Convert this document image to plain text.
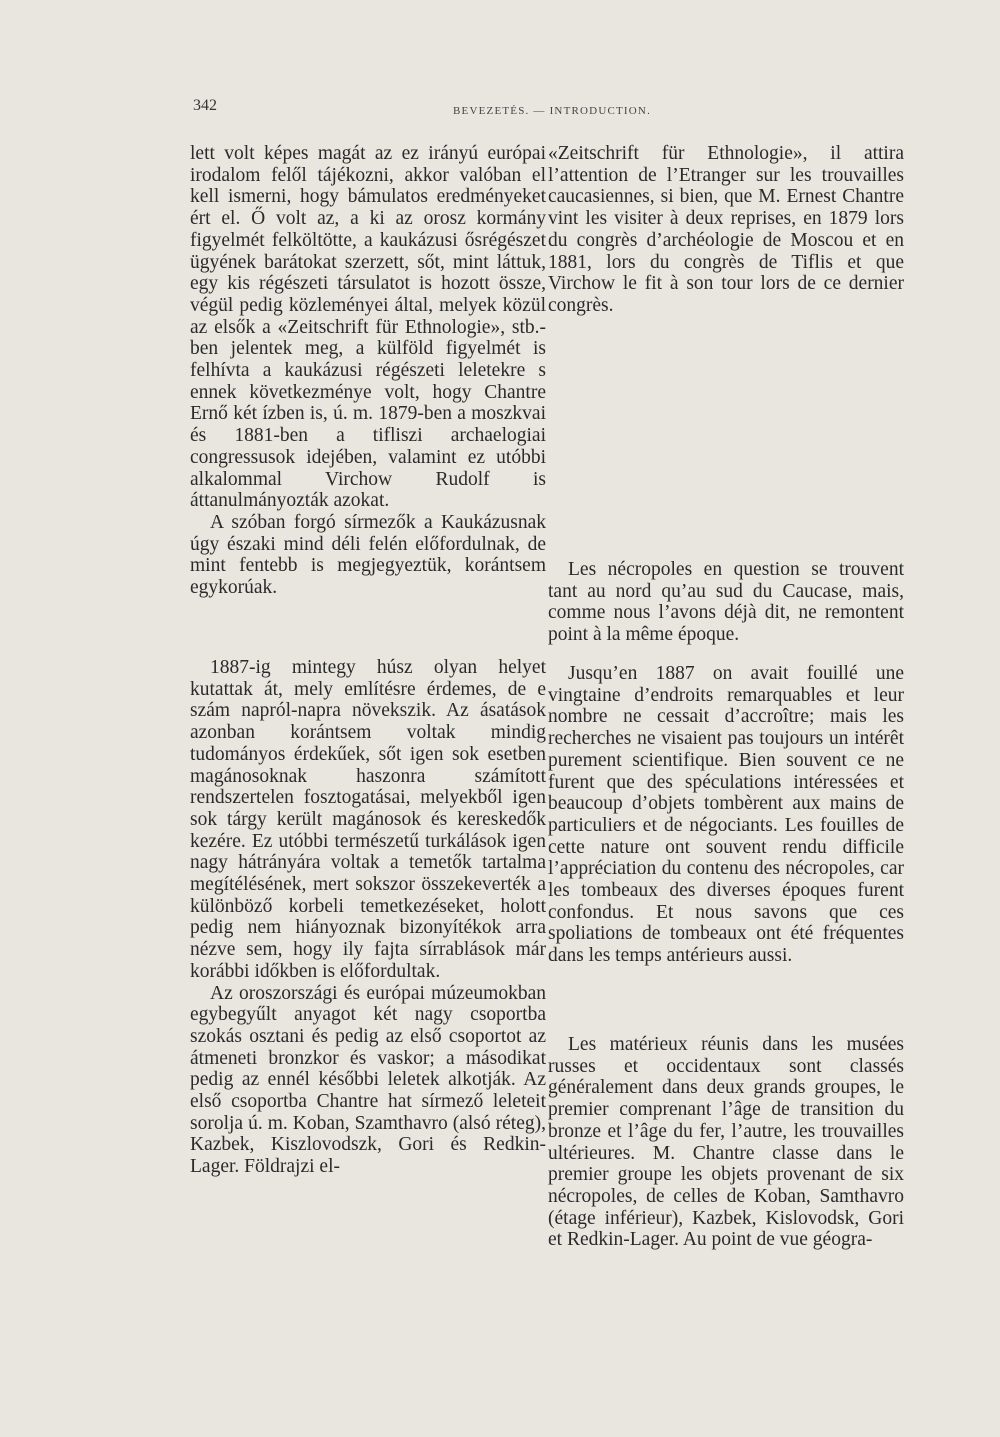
342	BEVEZETÉS. — INTRODUCTION.

lett volt képes magát az ez irányú európai irodalom felől tájékozni, akkor valóban el kell ismerni, hogy bámulatos eredményeket ért el. Ő volt az, a ki az orosz kormány figyelmét felköltötte, a kaukázusi ősrégészet ügyének barátokat szerzett, sőt, mint láttuk, egy kis régészeti társulatot is hozott össze, végül pedig közleményei által, melyek közül az elsők a «Zeitschrift für Ethnologie», stb.-ben jelentek meg, a külföld figyelmét is felhívta a kaukázusi régészeti leletekre s ennek következménye volt, hogy Chantre Ernő két ízben is, ú. m. 1879-ben a moszkvai és 1881-ben a tifliszi archaelogiai congressusok idejében, valamint ez utóbbi alkalommal Virchow Rudolf is áttanulmányozták azokat.

A szóban forgó sírmezők a Kaukázusnak úgy északi mind déli felén előfordulnak, de mint fentebb is megjegyeztük, korántsem egykorúak.

1887-ig mintegy húsz olyan helyet kutattak át, mely említésre érdemes, de e szám napról-napra növekszik. Az ásatások azonban korántsem voltak mindig tudományos érdekűek, sőt igen sok esetben magánosoknak haszonra számított rendszertelen fosztogatásai, melyekből igen sok tárgy került magánosok és kereskedők kezére. Ez utóbbi természetű turkálások igen nagy hátrányára voltak a temetők tartalma megítélésének, mert sokszor összekeverték a különböző korbeli temetkezéseket, holott pedig nem hiányoznak bizonyítékok arra nézve sem, hogy ily fajta sírrablások már korábbi időkben is előfordultak.

Az oroszországi és európai múzeumokban egybegyűlt anyagot két nagy csoportba szokás osztani és pedig az első csoportot az átmeneti bronzkor és vaskor; a másodikat pedig az ennél későbbi leletek alkotják. Az első csoportba Chantre hat sírmező leleteit sorolja ú. m. Koban, Szamthavro (alsó réteg), Kazbek, Kiszlovodszk, Gori és Redkin-Lager. Földrajzi el-

«Zeitschrift für Ethnologie», il attira l’attention de l’Etranger sur les trouvailles caucasiennes, si bien, que M. Ernest Chantre vint les visiter à deux reprises, en 1879 lors du congrès d’archéologie de Moscou et en 1881, lors du congrès de Tiflis et que Virchow le fit à son tour lors de ce dernier congrès.

Les nécropoles en question se trouvent tant au nord qu’au sud du Caucase, mais, comme nous l’avons déjà dit, ne remontent point à la même époque.

Jusqu’en 1887 on avait fouillé une vingtaine d’endroits remarquables et leur nombre ne cessait d’accroître; mais les recherches ne visaient pas toujours un intérêt purement scientifique. Bien souvent ce ne furent que des spéculations intéressées et beaucoup d’objets tombèrent aux mains de particuliers et de négociants. Les fouilles de cette nature ont souvent rendu difficile l’appréciation du contenu des nécropoles, car les tombeaux des diverses époques furent confondus. Et nous savons que ces spoliations de tombeaux ont été fréquentes dans les temps antérieurs aussi.

Les matérieux réunis dans les musées russes et occidentaux sont classés généralement dans deux grands groupes, le premier comprenant l’âge de transition du bronze et l’âge du fer, l’autre, les trouvailles ultérieures. M. Chantre classe dans le premier groupe les objets provenant de six nécropoles, de celles de Koban, Samthavro (étage inférieur), Kazbek, Kislovodsk, Gori et Redkin-Lager. Au point de vue géogra-
